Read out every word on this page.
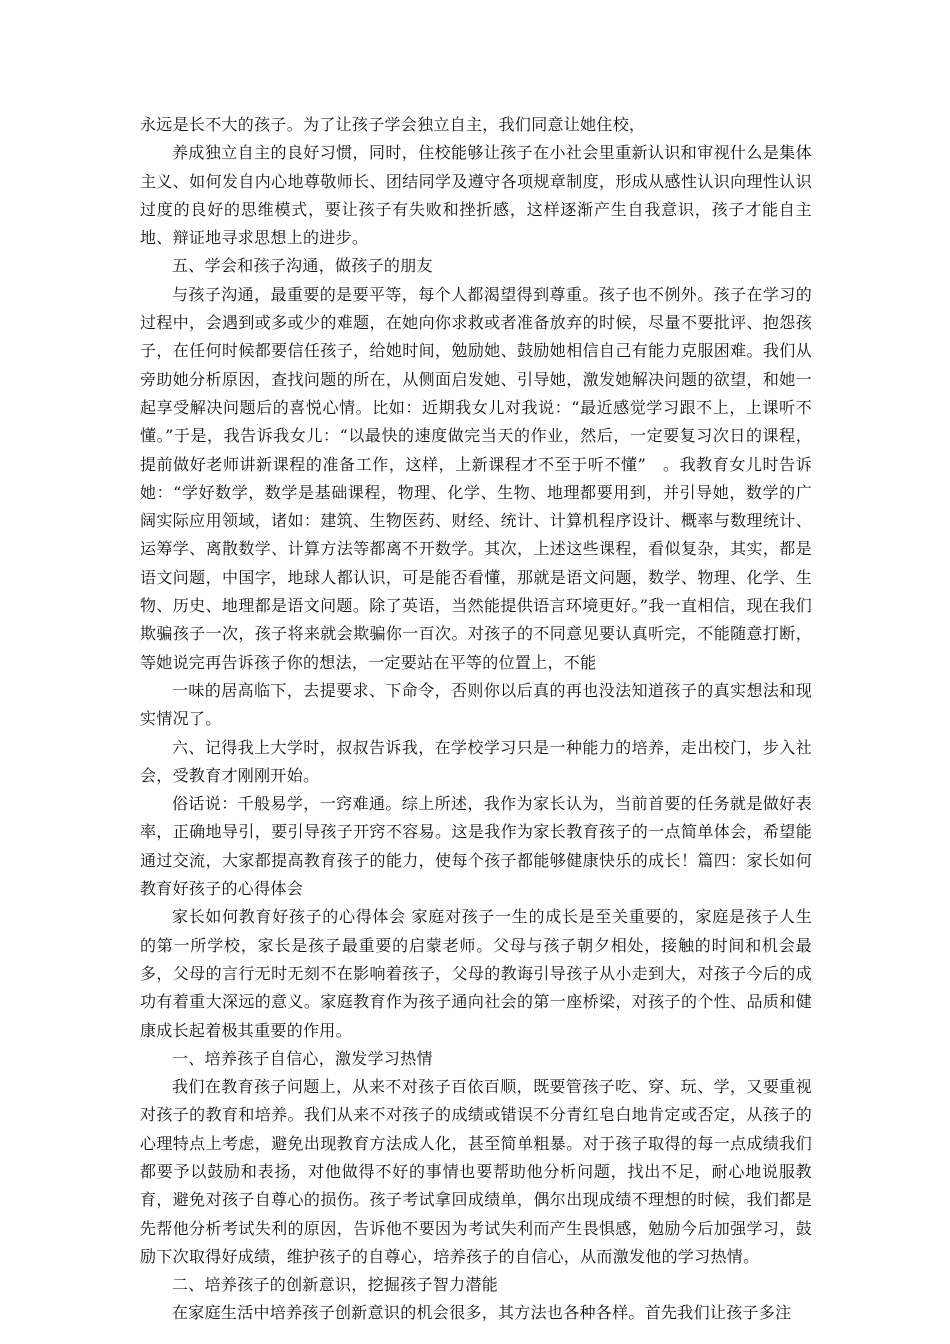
永远是长不大的孩子。为了让孩子学会独立自主，我们同意让她住校，

养成独立自主的良好习惯，同时，住校能够让孩子在小社会里重新认识和审视什么是集体主义、如何发自内心地尊敬师长、团结同学及遵守各项规章制度，形成从感性认识向理性认识过度的良好的思维模式，要让孩子有失败和挫折感，这样逐渐产生自我意识，孩子才能自主地、辩证地寻求思想上的进步。

五、学会和孩子沟通，做孩子的朋友

与孩子沟通，最重要的是要平等，每个人都渴望得到尊重。孩子也不例外。孩子在学习的过程中，会遇到或多或少的难题，在她向你求救或者准备放弃的时候，尽量不要批评、抱怨孩子，在任何时候都要信任孩子，给她时间，勉励她、鼓励她相信自己有能力克服困难。我们从旁助她分析原因，查找问题的所在，从侧面启发她、引导她，激发她解决问题的欲望，和她一起享受解决问题后的喜悦心情。比如：近期我女儿对我说：“最近感觉学习跟不上，上课听不懂。”于是，我告诉我女儿：“以最快的速度做完当天的作业，然后，一定要复习次日的课程，提前做好老师讲新课程的准备工作，这样，上新课程才不至于听不懂”　。我教育女儿时告诉她：“学好数学，数学是基础课程，物理、化学、生物、地理都要用到，并引导她，数学的广阔实际应用领域，诸如：建筑、生物医药、财经、统计、计算机程序设计、概率与数理统计、运筹学、离散数学、计算方法等都离不开数学。其次，上述这些课程，看似复杂，其实，都是语文问题，中国字，地球人都认识，可是能否看懂，那就是语文问题，数学、物理、化学、生物、历史、地理都是语文问题。除了英语，当然能提供语言环境更好。”我一直相信，现在我们欺骗孩子一次，孩子将来就会欺骗你一百次。对孩子的不同意见要认真听完，不能随意打断，等她说完再告诉孩子你的想法，一定要站在平等的位置上，不能

一味的居高临下，去提要求、下命令，否则你以后真的再也没法知道孩子的真实想法和现实情况了。

六、记得我上大学时，叔叔告诉我，在学校学习只是一种能力的培养，走出校门，步入社会，受教育才刚刚开始。

俗话说：千般易学，一窍难通。综上所述，我作为家长认为，当前首要的任务就是做好表率，正确地导引，要引导孩子开窍不容易。这是我作为家长教育孩子的一点简单体会，希望能通过交流，大家都提高教育孩子的能力，使每个孩子都能够健康快乐的成长！篇四：家长如何教育好孩子的心得体会

家长如何教育好孩子的心得体会 家庭对孩子一生的成长是至关重要的，家庭是孩子人生的第一所学校，家长是孩子最重要的启蒙老师。父母与孩子朝夕相处，接触的时间和机会最多，父母的言行无时无刻不在影响着孩子，父母的教诲引导孩子从小走到大，对孩子今后的成功有着重大深远的意义。家庭教育作为孩子通向社会的第一座桥梁，对孩子的个性、品质和健康成长起着极其重要的作用。

一、培养孩子自信心，激发学习热情

我们在教育孩子问题上，从来不对孩子百依百顺，既要管孩子吃、穿、玩、学，又要重视对孩子的教育和培养。我们从来不对孩子的成绩或错误不分青红皂白地肯定或否定，从孩子的心理特点上考虑，避免出现教育方法成人化，甚至简单粗暴。对于孩子取得的每一点成绩我们都要予以鼓励和表扬，对他做得不好的事情也要帮助他分析问题，找出不足，耐心地说服教育，避免对孩子自尊心的损伤。孩子考试拿回成绩单，偶尔出现成绩不理想的时候，我们都是先帮他分析考试失利的原因，告诉他不要因为考试失利而产生畏惧感，勉励今后加强学习，鼓励下次取得好成绩，维护孩子的自尊心，培养孩子的自信心，从而激发他的学习热情。

二、培养孩子的创新意识，挖掘孩子智力潜能

在家庭生活中培养孩子创新意识的机会很多，其方法也各种各样。首先我们让孩子多注
